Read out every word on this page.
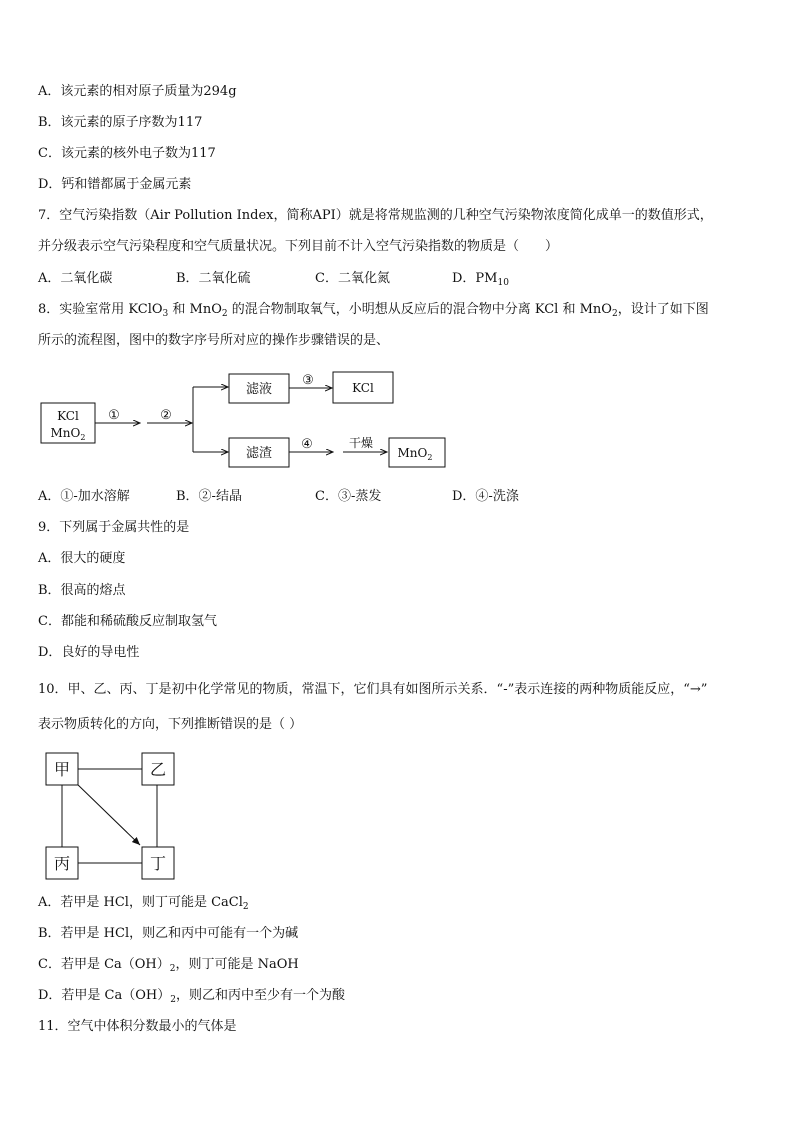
A．该元素的相对原子质量为294g
B．该元素的原子序数为117
C．该元素的核外电子数为117
D．钙和镨都属于金属元素
7．空气污染指数（Air Pollution Index，简称API）就是将常规监测的几种空气污染物浓度简化成单一的数值形式，
并分级表示空气污染程度和空气质量状况。下列目前不计入空气污染指数的物质是（　　）
A．二氧化碳	B．二氧化硫	C．二氧化氮	D．$PM_{10}$
8．实验室常用 KClO$_3$ 和 MnO$_2$ 的混合物制取氧气，小明想从反应后的混合物中分离 KCl 和 MnO$_2$，设计了如下图
所示的流程图，图中的数字序号所对应的操作步骤错误的是、
KCl
MnO$_2$
①	②
滤液
滤渣
③	KCl
④	干燥
MnO$_2$
A．①-加水溶解	B．②-结晶	C．③-蒸发	D．④-洗涤
9．下列属于金属共性的是
A．很大的硬度
B．很高的熔点
C．都能和稀硫酸反应制取氢气
D．良好的导电性
10．甲、乙、丙、丁是初中化学常见的物质，常温下，它们具有如图所示关系．“-”表示连接的两种物质能反应，“→”
表示物质转化的方向，下列推断错误的是（ ）
甲	乙
丙	丁
A．若甲是 HCl，则丁可能是 CaCl$_2$
B．若甲是 HCl，则乙和丙中可能有一个为碱
C．若甲是 $Ca(OH)_2$，则丁可能是 NaOH
D．若甲是 $Ca(OH)_2$，则乙和丙中至少有一个为酸
11．空气中体积分数最小的气体是
